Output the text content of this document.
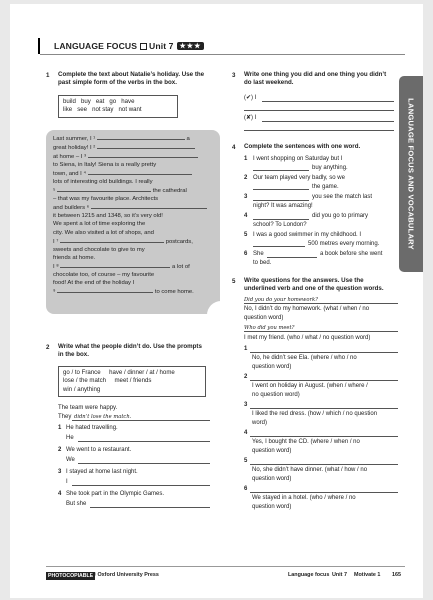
LANGUAGE FOCUS Unit 7 ★★★
LANGUAGE FOCUS AND VOCABULARY
1 Complete the text about Natalie’s holiday. Use the
past simple form of the verbs in the box.
build   buy   eat   go   have
like   see   not stay   not want
Last summer, I ¹	a
great holiday! I ²
at home – I ³
to Siena, in Italy! Siena is a really pretty
town, and I ⁴
lots of interesting old buildings. I really
⁵	the cathedral
– that was my favourite place. Architects
and builders ⁶
it between 1215 and 1348, so it’s very old!
We spent a lot of time exploring the
city. We also visited a lot of shops, and
I ⁷	postcards,
sweets and chocolate to give to my
friends at home.
I ⁸	a lot of
chocolate too, of course – my favourite
food! At the end of the holiday I
⁹	to come home.
2 Write what the people didn’t do. Use the prompts
in the box.
go / to France     have / dinner / at / home
lose / the match     meet / friends
win / anything
The team were happy.
They didn’t lose the match.
1 He hated travelling.
He
2 We went to a restaurant.
We
3 I stayed at home last night.
I
4 She took part in the Olympic Games.
But she
3 Write one thing you did and one thing you didn’t
do last weekend.
(✔) I
(✘) I
4 Complete the sentences with one word.
1 I went shopping on Saturday but I
buy anything.
2 Our team played very badly, so we
the game.
3	you see the match last
night? It was amazing!
4	did you go to primary
school? To London?
5 I was a good swimmer in my childhood. I
500 metres every morning.
6 She	a book before she went
to bed.
5 Write questions for the answers. Use the
underlined verb and one of the question words.
Did you do your homework?
No, I didn’t do my homework. (what / when / no
question word)
Who did you meet?
I met my friend. (who / what / no question word)
1
No, he didn’t see Ela. (where / who / no
question word)
2
I went on holiday in August. (when / where /
no question word)
3
I liked the red dress. (how / which / no question
word)
4
Yes, I bought the CD. (where / when / no
question word)
5
No, she didn’t have dinner. (what / how / no
question word)
6
We stayed in a hotel. (who / where / no
question word)
PHOTOCOPIABLE
© Oxford University Press	Language focus Unit 7 Motivate 1 165
